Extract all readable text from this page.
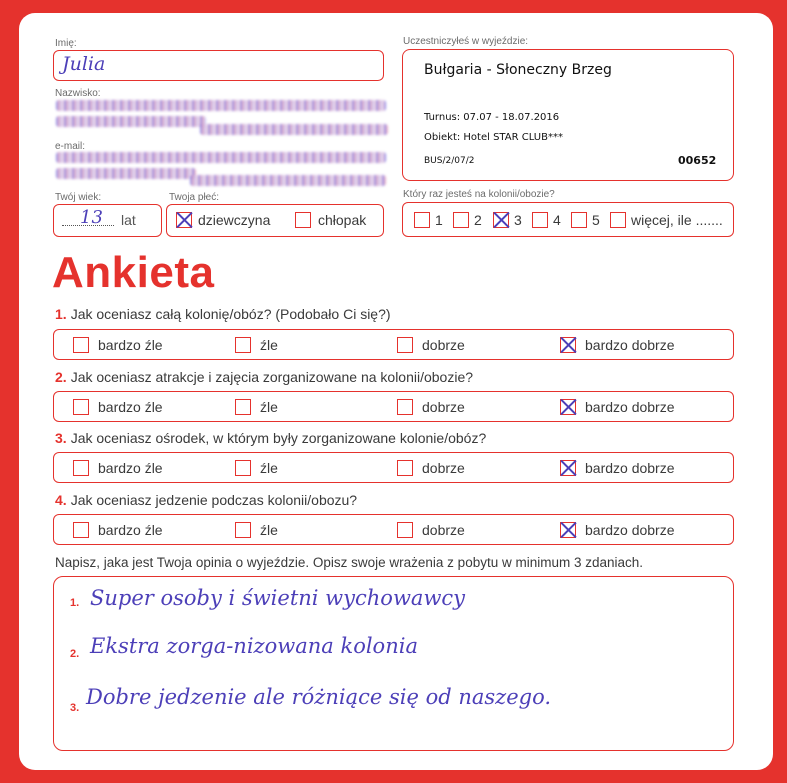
Imię:
Julia
Nazwisko:
e-mail:
Twój wiek:
13 lat
Twoja płeć:
dziewczyna	chłopak
Uczestniczyłeś w wyjeździe:
Bułgaria - Słoneczny Brzeg
Turnus: 07.07 - 18.07.2016
Obiekt: Hotel STAR CLUB***
BUS/2/07/2	00652
Który raz jesteś na kolonii/obozie?
1 2 3 4 5 więcej, ile .......
Ankieta
1. Jak oceniasz całą kolonię/obóz? (Podobało Ci się?)
bardzo źle	źle	dobrze	bardzo dobrze
2. Jak oceniasz atrakcje i zajęcia zorganizowane na kolonii/obozie?
bardzo źle	źle	dobrze	bardzo dobrze
3. Jak oceniasz ośrodek, w którym były zorganizowane kolonie/obóz?
bardzo źle	źle	dobrze	bardzo dobrze
4. Jak oceniasz jedzenie podczas kolonii/obozu?
bardzo źle	źle	dobrze	bardzo dobrze
Napisz, jaka jest Twoja opinia o wyjeździe. Opisz swoje wrażenia z pobytu w minimum 3 zdaniach.
1. Super osoby i świetni wychowawcy
2. Ekstra zorga-nizowana kolonia
3. Dobre jedzenie ale różniące się od naszego.
